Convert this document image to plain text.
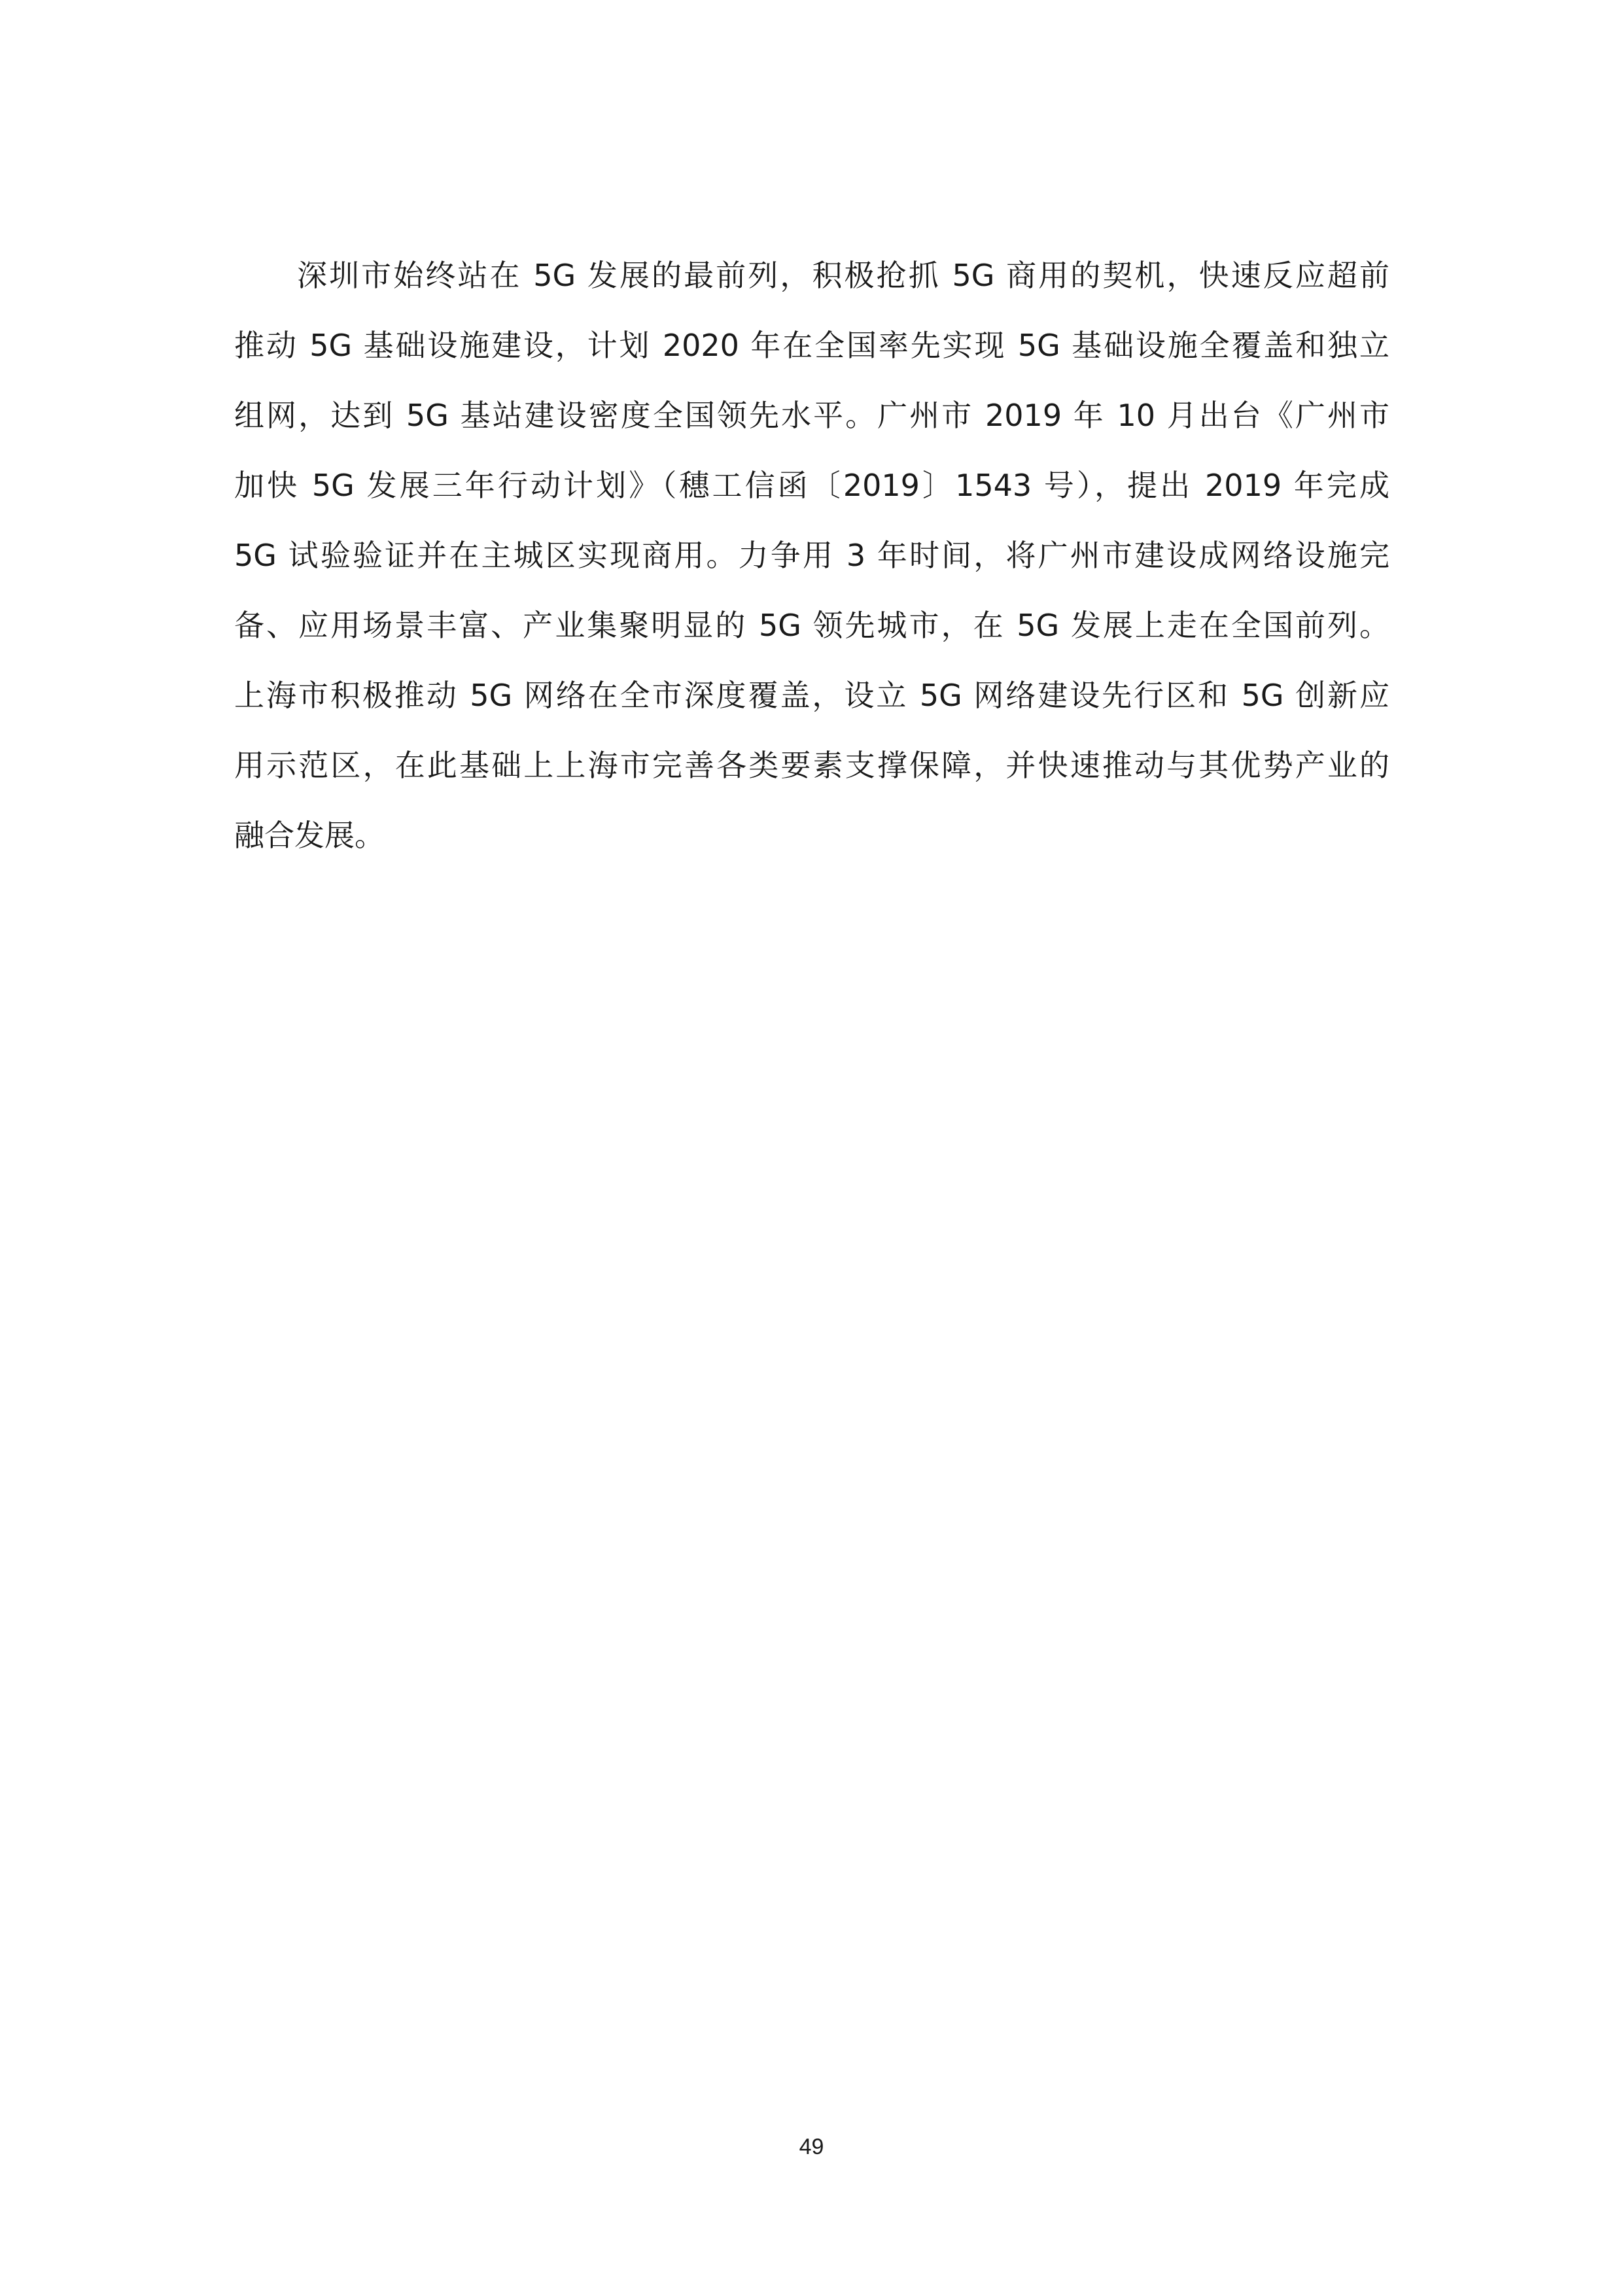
深圳市始终站在 5G 发展的最前列，积极抢抓 5G 商用的契机，快速反应超前
推动 5G 基础设施建设，计划 2020 年在全国率先实现 5G 基础设施全覆盖和独立
组网，达到 5G 基站建设密度全国领先水平。广州市 2019 年 10 月出台《广州市
加快 5G 发展三年行动计划》（穗工信函〔2019〕1543 号），提出 2019 年完成
5G 试验验证并在主城区实现商用。力争用 3 年时间，将广州市建设成网络设施完
备、应用场景丰富、产业集聚明显的 5G 领先城市，在 5G 发展上走在全国前列。
上海市积极推动 5G 网络在全市深度覆盖，设立 5G 网络建设先行区和 5G 创新应
用示范区，在此基础上上海市完善各类要素支撑保障，并快速推动与其优势产业的
融合发展。
49
